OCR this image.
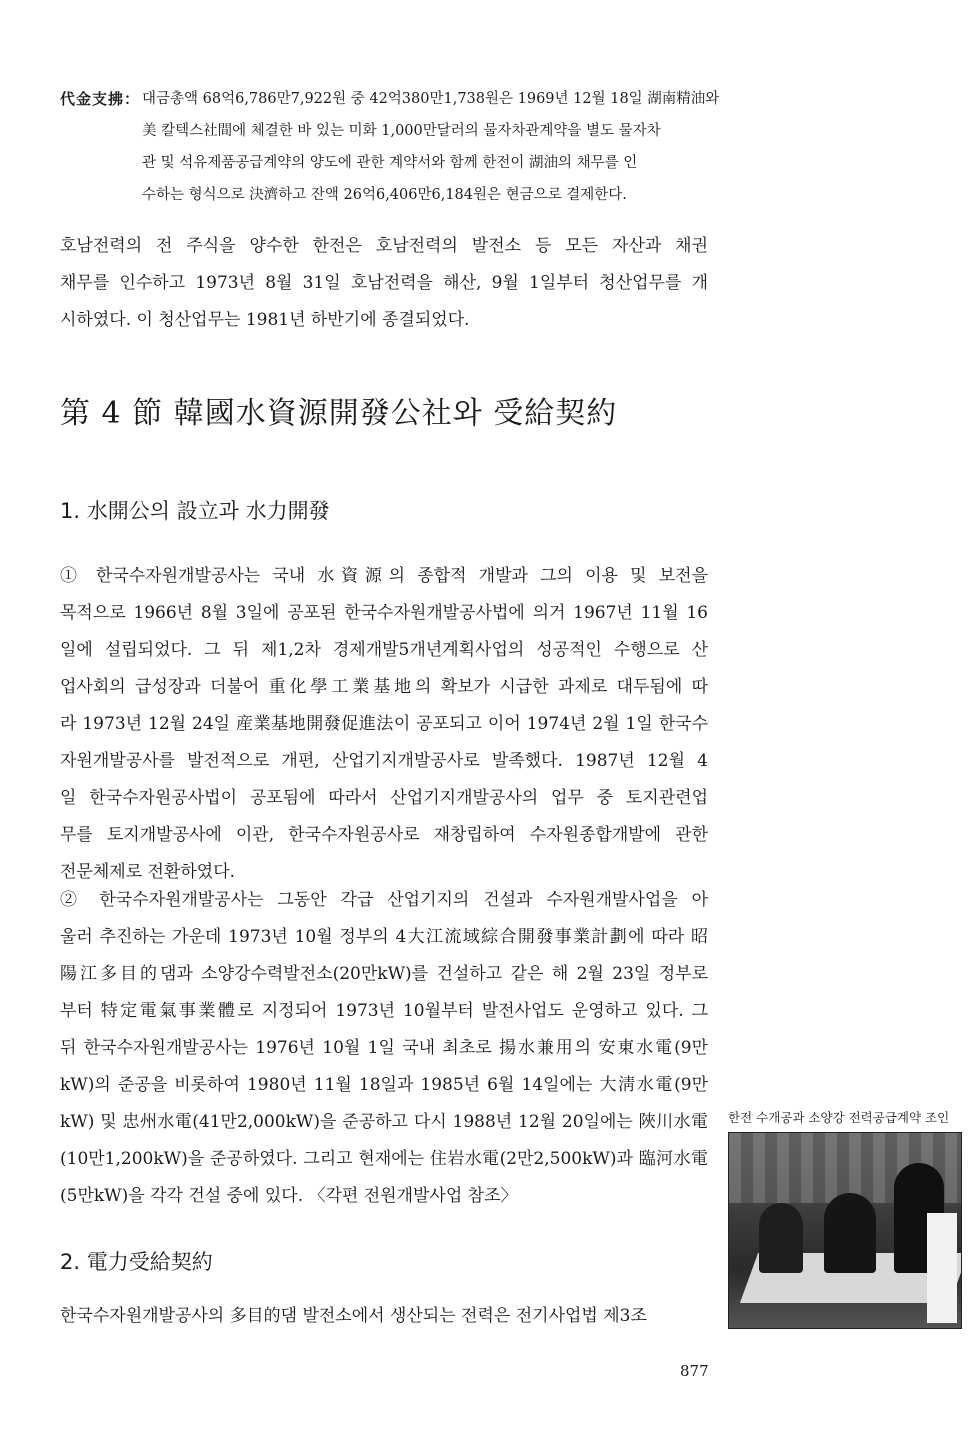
代金支拂： 대금총액 68억6,786만7,922원 중 42억380만1,738원은 1969년 12월 18일 湖南精油와
美 칼텍스社間에 체결한 바 있는 미화 1,000만달러의 물자차관계약을 별도 물자차
관 및 석유제품공급계약의 양도에 관한 계약서와 함께 한전이 湖油의 채무를 인
수하는 형식으로 決濟하고 잔액 26억6,406만6,184원은 현금으로 결제한다.
호남전력의 전 주식을 양수한 한전은 호남전력의 발전소 등 모든 자산과 채권
채무를 인수하고 1973년 8월 31일 호남전력을 해산, 9월 1일부터 청산업무를 개
시하였다. 이 청산업무는 1981년 하반기에 종결되었다.
第 4 節 韓國水資源開發公社와 受給契約
1. 水開公의 設立과 水力開發
① 한국수자원개발공사는 국내 水資源의 종합적 개발과 그의 이용 및 보전을
목적으로 1966년 8월 3일에 공포된 한국수자원개발공사법에 의거 1967년 11월 16
일에 설립되었다. 그 뒤 제1,2차 경제개발5개년계획사업의 성공적인 수행으로 산
업사회의 급성장과 더불어 重化學工業基地의 확보가 시급한 과제로 대두됨에 따
라 1973년 12월 24일 産業基地開發促進法이 공포되고 이어 1974년 2월 1일 한국수
자원개발공사를 발전적으로 개편, 산업기지개발공사로 발족했다. 1987년 12월 4
일 한국수자원공사법이 공포됨에 따라서 산업기지개발공사의 업무 중 토지관련업
무를 토지개발공사에 이관, 한국수자원공사로 재창립하여 수자원종합개발에 관한
전문체제로 전환하였다.
② 한국수자원개발공사는 그동안 각급 산업기지의 건설과 수자원개발사업을 아
울러 추진하는 가운데 1973년 10월 정부의 4大江流域綜合開發事業計劃에 따라 昭
陽江多目的댐과 소양강수력발전소(20만kW)를 건설하고 같은 해 2월 23일 정부로
부터 特定電氣事業體로 지정되어 1973년 10월부터 발전사업도 운영하고 있다. 그
뒤 한국수자원개발공사는 1976년 10월 1일 국내 최초로 揚水兼用의 安東水電(9만
kW)의 준공을 비롯하여 1980년 11월 18일과 1985년 6월 14일에는 大淸水電(9만
kW) 및 忠州水電(41만2,000kW)을 준공하고 다시 1988년 12월 20일에는 陜川水電
(10만1,200kW)을 준공하였다. 그리고 현재에는 住岩水電(2만2,500kW)과 臨河水電
(5만kW)을 각각 건설 중에 있다. 〈각편 전원개발사업 참조〉
2. 電力受給契約
한국수자원개발공사의 多目的댐 발전소에서 생산되는 전력은 전기사업법 제3조
한전 수개공과 소양강 전력공급계약 조인
877
